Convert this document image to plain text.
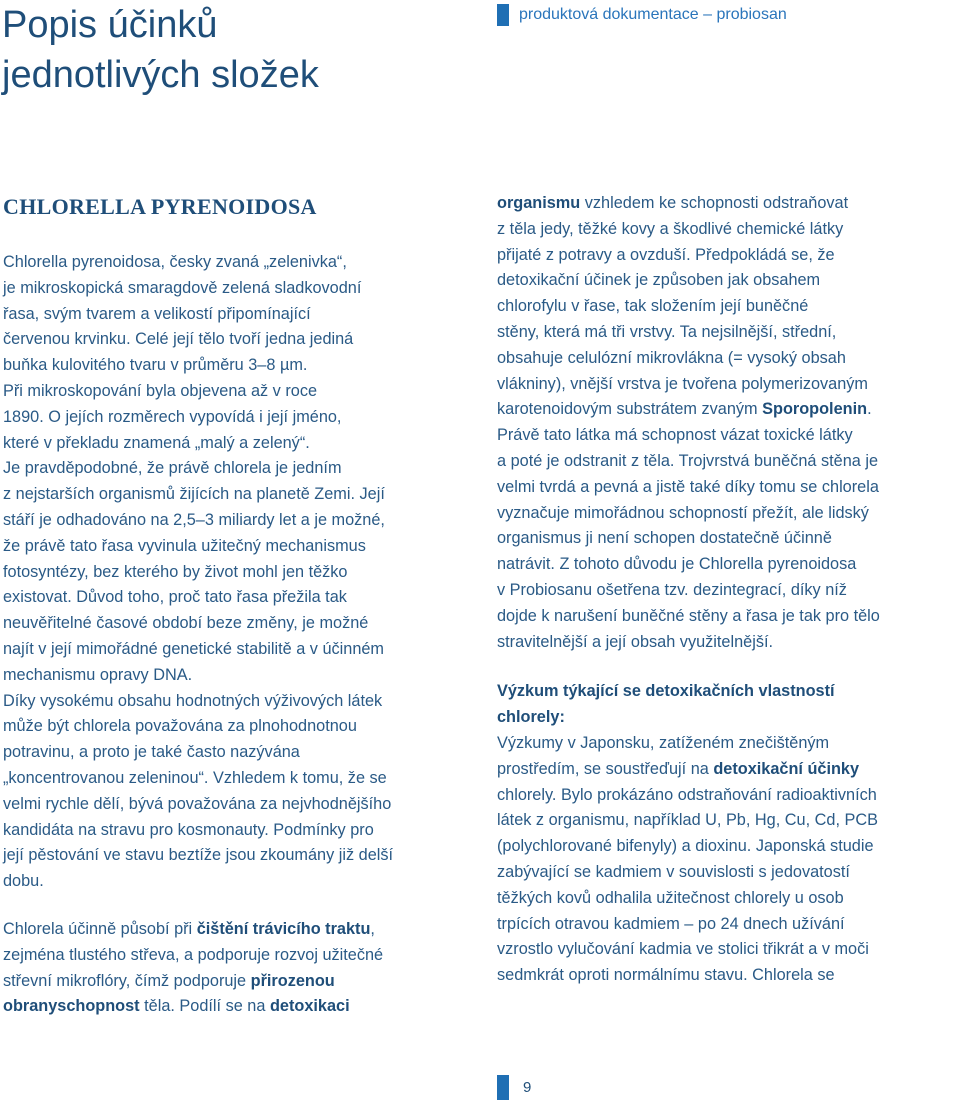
Popis účinků
jednotlivých složek
produktová dokumentace – probiosan
CHLORELLA PYRENOIDOSA

Chlorella pyrenoidosa, česky zvaná „zelenivka“,
je mikroskopická smaragdově zelená sladkovodní
řasa, svým tvarem a velikostí připomínající
červenou krvinku. Celé její tělo tvoří jedna jediná
buňka kulovitého tvaru v průměru 3–8 µm.
Při mikroskopování byla objevena až v roce
1890. O jejích rozměrech vypovídá i její jméno,
které v překladu znamená „malý a zelený“.
Je pravděpodobné, že právě chlorela je jedním
z nejstarších organismů žijících na planetě Zemi. Její
stáří je odhadováno na 2,5–3 miliardy let a je možné,
že právě tato řasa vyvinula užitečný mechanismus
fotosyntézy, bez kterého by život mohl jen těžko
existovat. Důvod toho, proč tato řasa přežila tak
neuvěřitelné časové období beze změny, je možné
najít v její mimořádné genetické stabilitě a v účinném
mechanismu opravy DNA.
Díky vysokému obsahu hodnotných výživových látek
může být chlorela považována za plnohodnotnou
potravinu, a proto je také často nazývána
„koncentrovanou zeleninou“. Vzhledem k tomu, že se
velmi rychle dělí, bývá považována za nejvhodnějšího
kandidáta na stravu pro kosmonauty. Podmínky pro
její pěstování ve stavu beztíže jsou zkoumány již delší
dobu.

Chlorela účinně působí při čištění trávicího traktu,
zejména tlustého střeva, a podporuje rozvoj užitečné
střevní mikroflóry, čímž podporuje přirozenou
obranyschopnost těla. Podílí se na detoxikaci

organismu vzhledem ke schopnosti odstraňovat
z těla jedy, těžké kovy a škodlivé chemické látky
přijaté z potravy a ovzduší. Předpokládá se, že
detoxikační účinek je způsoben jak obsahem
chlorofylu v řase, tak složením její buněčné
stěny, která má tři vrstvy. Ta nejsilnější, střední,
obsahuje celulózní mikrovlákna (= vysoký obsah
vlákniny), vnější vrstva je tvořena polymerizovaným
karotenoidovým substrátem zvaným Sporopolenin.
Právě tato látka má schopnost vázat toxické látky
a poté je odstranit z těla. Trojvrstvá buněčná stěna je
velmi tvrdá a pevná a jistě také díky tomu se chlorela
vyznačuje mimořádnou schopností přežít, ale lidský
organismus ji není schopen dostatečně účinně
natrávit. Z tohoto důvodu je Chlorella pyrenoidosa
v Probiosanu ošetřena tzv. dezintegrací, díky níž
dojde k narušení buněčné stěny a řasa je tak pro tělo
stravitelnější a její obsah využitelnější.

Výzkum týkající se detoxikačních vlastností
chlorely:

Výzkumy v Japonsku, zatíženém znečištěným
prostředím, se soustřeďují na detoxikační účinky
chlorely. Bylo prokázáno odstraňování radioaktivních
látek z organismu, například U, Pb, Hg, Cu, Cd, PCB
(polychlorované bifenyly) a dioxinu. Japonská studie
zabývající se kadmiem v souvislosti s jedovatostí
těžkých kovů odhalila užitečnost chlorely u osob
trpících otravou kadmiem – po 24 dnech užívání
vzrostlo vylučování kadmia ve stolici třikrát a v moči
sedmkrát oproti normálnímu stavu. Chlorela se

9
